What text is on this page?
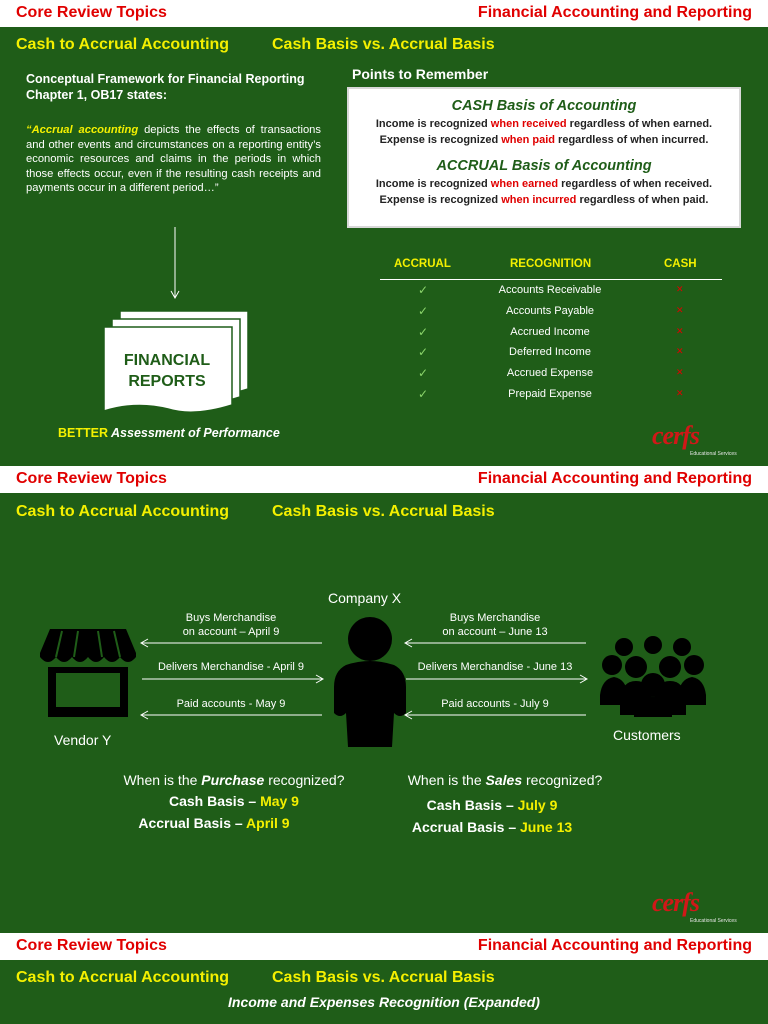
Core Review Topics	Financial Accounting and Reporting
Cash to Accrual Accounting	Cash Basis vs. Accrual Basis
Conceptual Framework for Financial Reporting
Chapter 1, OB17 states:
“Accrual accounting depicts the effects of transactions and other events and circumstances on a reporting entity’s economic resources and claims in the periods in which those effects occur, even if the resulting cash receipts and payments occur in a different period…”
FINANCIAL
REPORTS
BETTER Assessment of Performance
Points to Remember
CASH Basis of Accounting
Income is recognized when received regardless of when earned.
Expense is recognized when paid regardless of when incurred.
ACCRUAL Basis of Accounting
Income is recognized when earned regardless of when received.
Expense is recognized when incurred regardless of when paid.
ACCRUAL	RECOGNITION	CASH
✓	Accounts Receivable	✕
✓	Accounts Payable	✕
✓	Accrued Income	✕
✓	Deferred Income	✕
✓	Accrued Expense	✕
✓	Prepaid Expense	✕
cerfs
Educational Services
Core Review Topics	Financial Accounting and Reporting
Cash to Accrual Accounting	Cash Basis vs. Accrual Basis
Vendor Y
Company X
Customers
Buys Merchandise
on account – April 9
Delivers Merchandise - April 9
Paid accounts - May 9
Buys Merchandise
on account – June 13
Delivers Merchandise - June 13
Paid accounts - July 9
When is the Purchase recognized?
Cash Basis – May 9
Accrual Basis – April 9
When is the Sales recognized?
Cash Basis – July 9
Accrual Basis – June 13
cerfs
Educational Services
Core Review Topics	Financial Accounting and Reporting
Cash to Accrual Accounting	Cash Basis vs. Accrual Basis
Income and Expenses Recognition (Expanded)
